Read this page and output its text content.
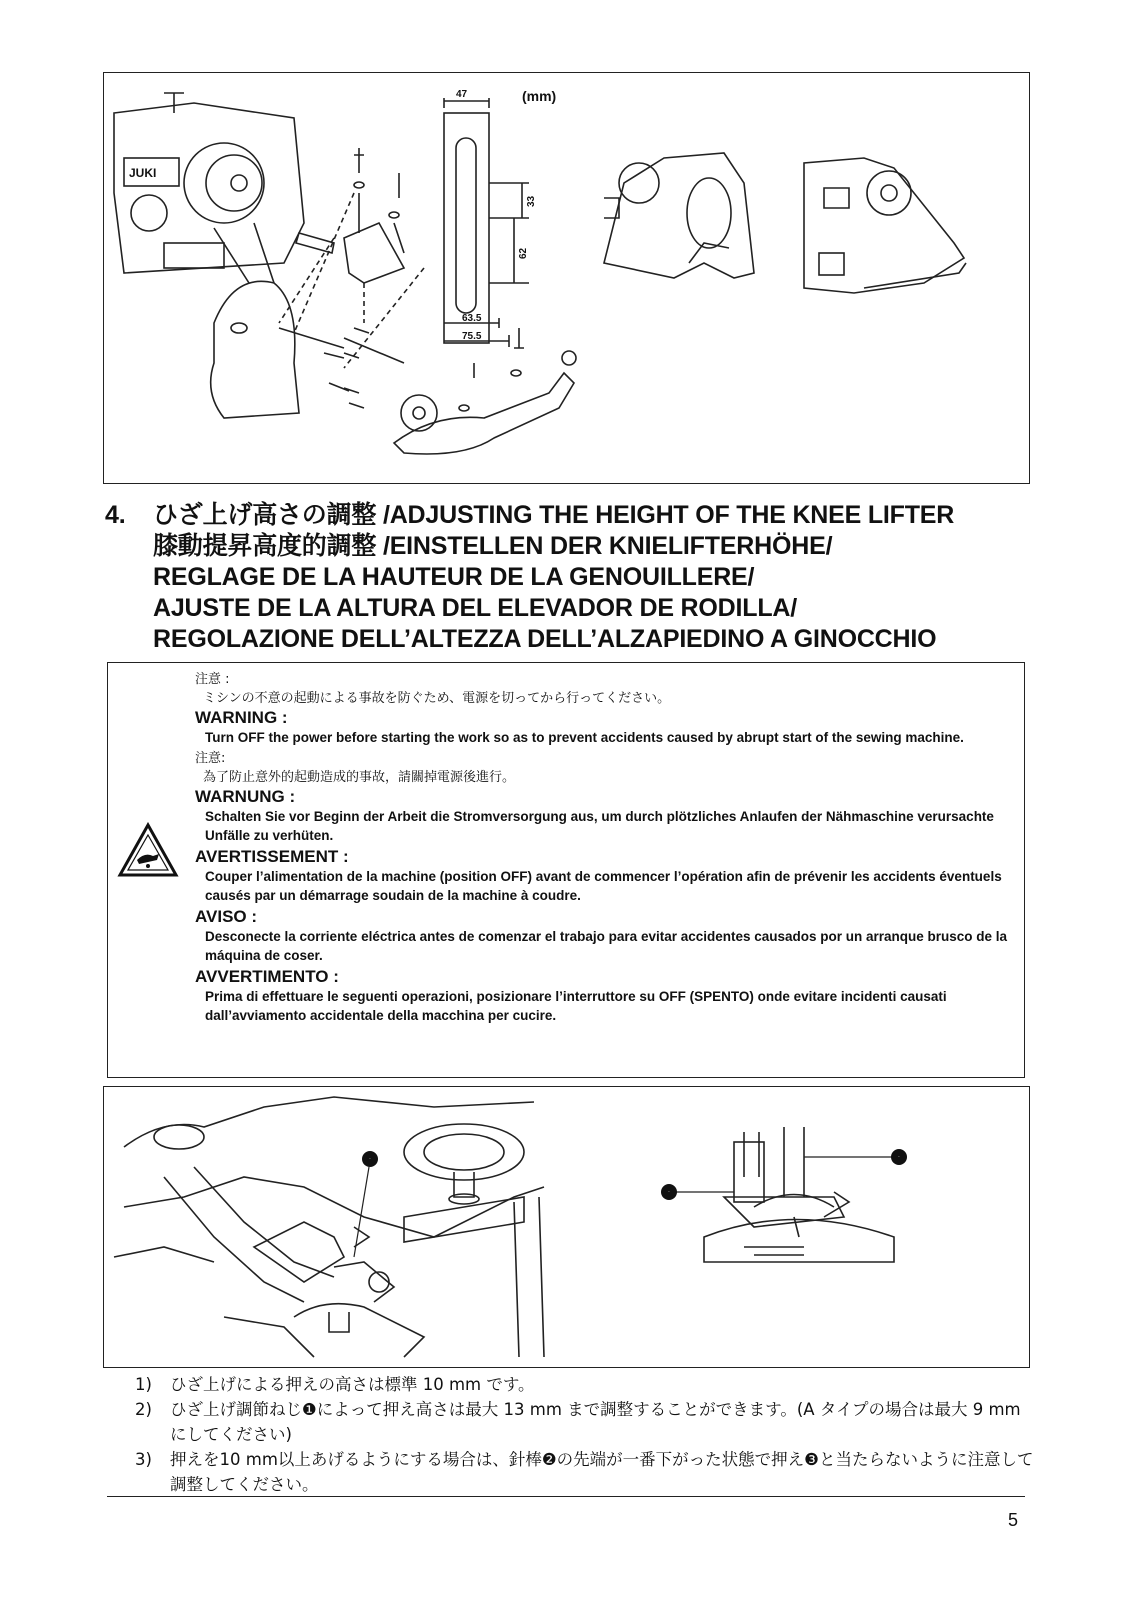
(mm)
47
33
62
63.5
75.5
JUKI
4. ひざ上げ高さの調整 /ADJUSTING THE HEIGHT OF THE KNEE LIFTER
膝動提昇高度的調整 /EINSTELLEN DER KNIELIFTERHÖHE/
REGLAGE DE LA HAUTEUR DE LA GENOUILLERE/
AJUSTE DE LA ALTURA DEL ELEVADOR DE RODILLA/
REGOLAZIONE DELL’ALTEZZA DELL’ALZAPIEDINO A GINOCCHIO
注意 :
ミシンの不意の起動による事故を防ぐため、電源を切ってから行ってください。
WARNING :
Turn OFF the power before starting the work so as to prevent accidents caused by abrupt start of the sewing machine.
注意:
為了防止意外的起動造成的事故，請關掉電源後進行。
WARNUNG :
Schalten Sie vor Beginn der Arbeit die Stromversorgung aus, um durch plötzliches Anlaufen der Nähmaschine verursachte Unfälle zu verhüten.
AVERTISSEMENT :
Couper l’alimentation de la machine (position OFF) avant de commencer l’opération afin de prévenir les accidents éventuels causés par un démarrage soudain de la machine à coudre.
AVISO :
Desconecte la corriente eléctrica antes de comenzar el trabajo para evitar accidentes causados por un arranque brusco de la máquina de coser.
AVVERTIMENTO :
Prima di effettuare le seguenti operazioni, posizionare l’interruttore su OFF (SPENTO) onde evitare incidenti causati dall’avviamento accidentale della macchina per cucire.
❶
❷
❸
1)	ひざ上げによる押えの高さは標準 10 mm です。
2)	ひざ上げ調節ねじ❶によって押え高さは最大 13 mm まで調整することができます。(A タイプの場合は最大 9 mm にしてください)
3)	押えを10 mm以上あげるようにする場合は、針棒❷の先端が一番下がった状態で押え❸と当たらないように注意して調整してください。
5
